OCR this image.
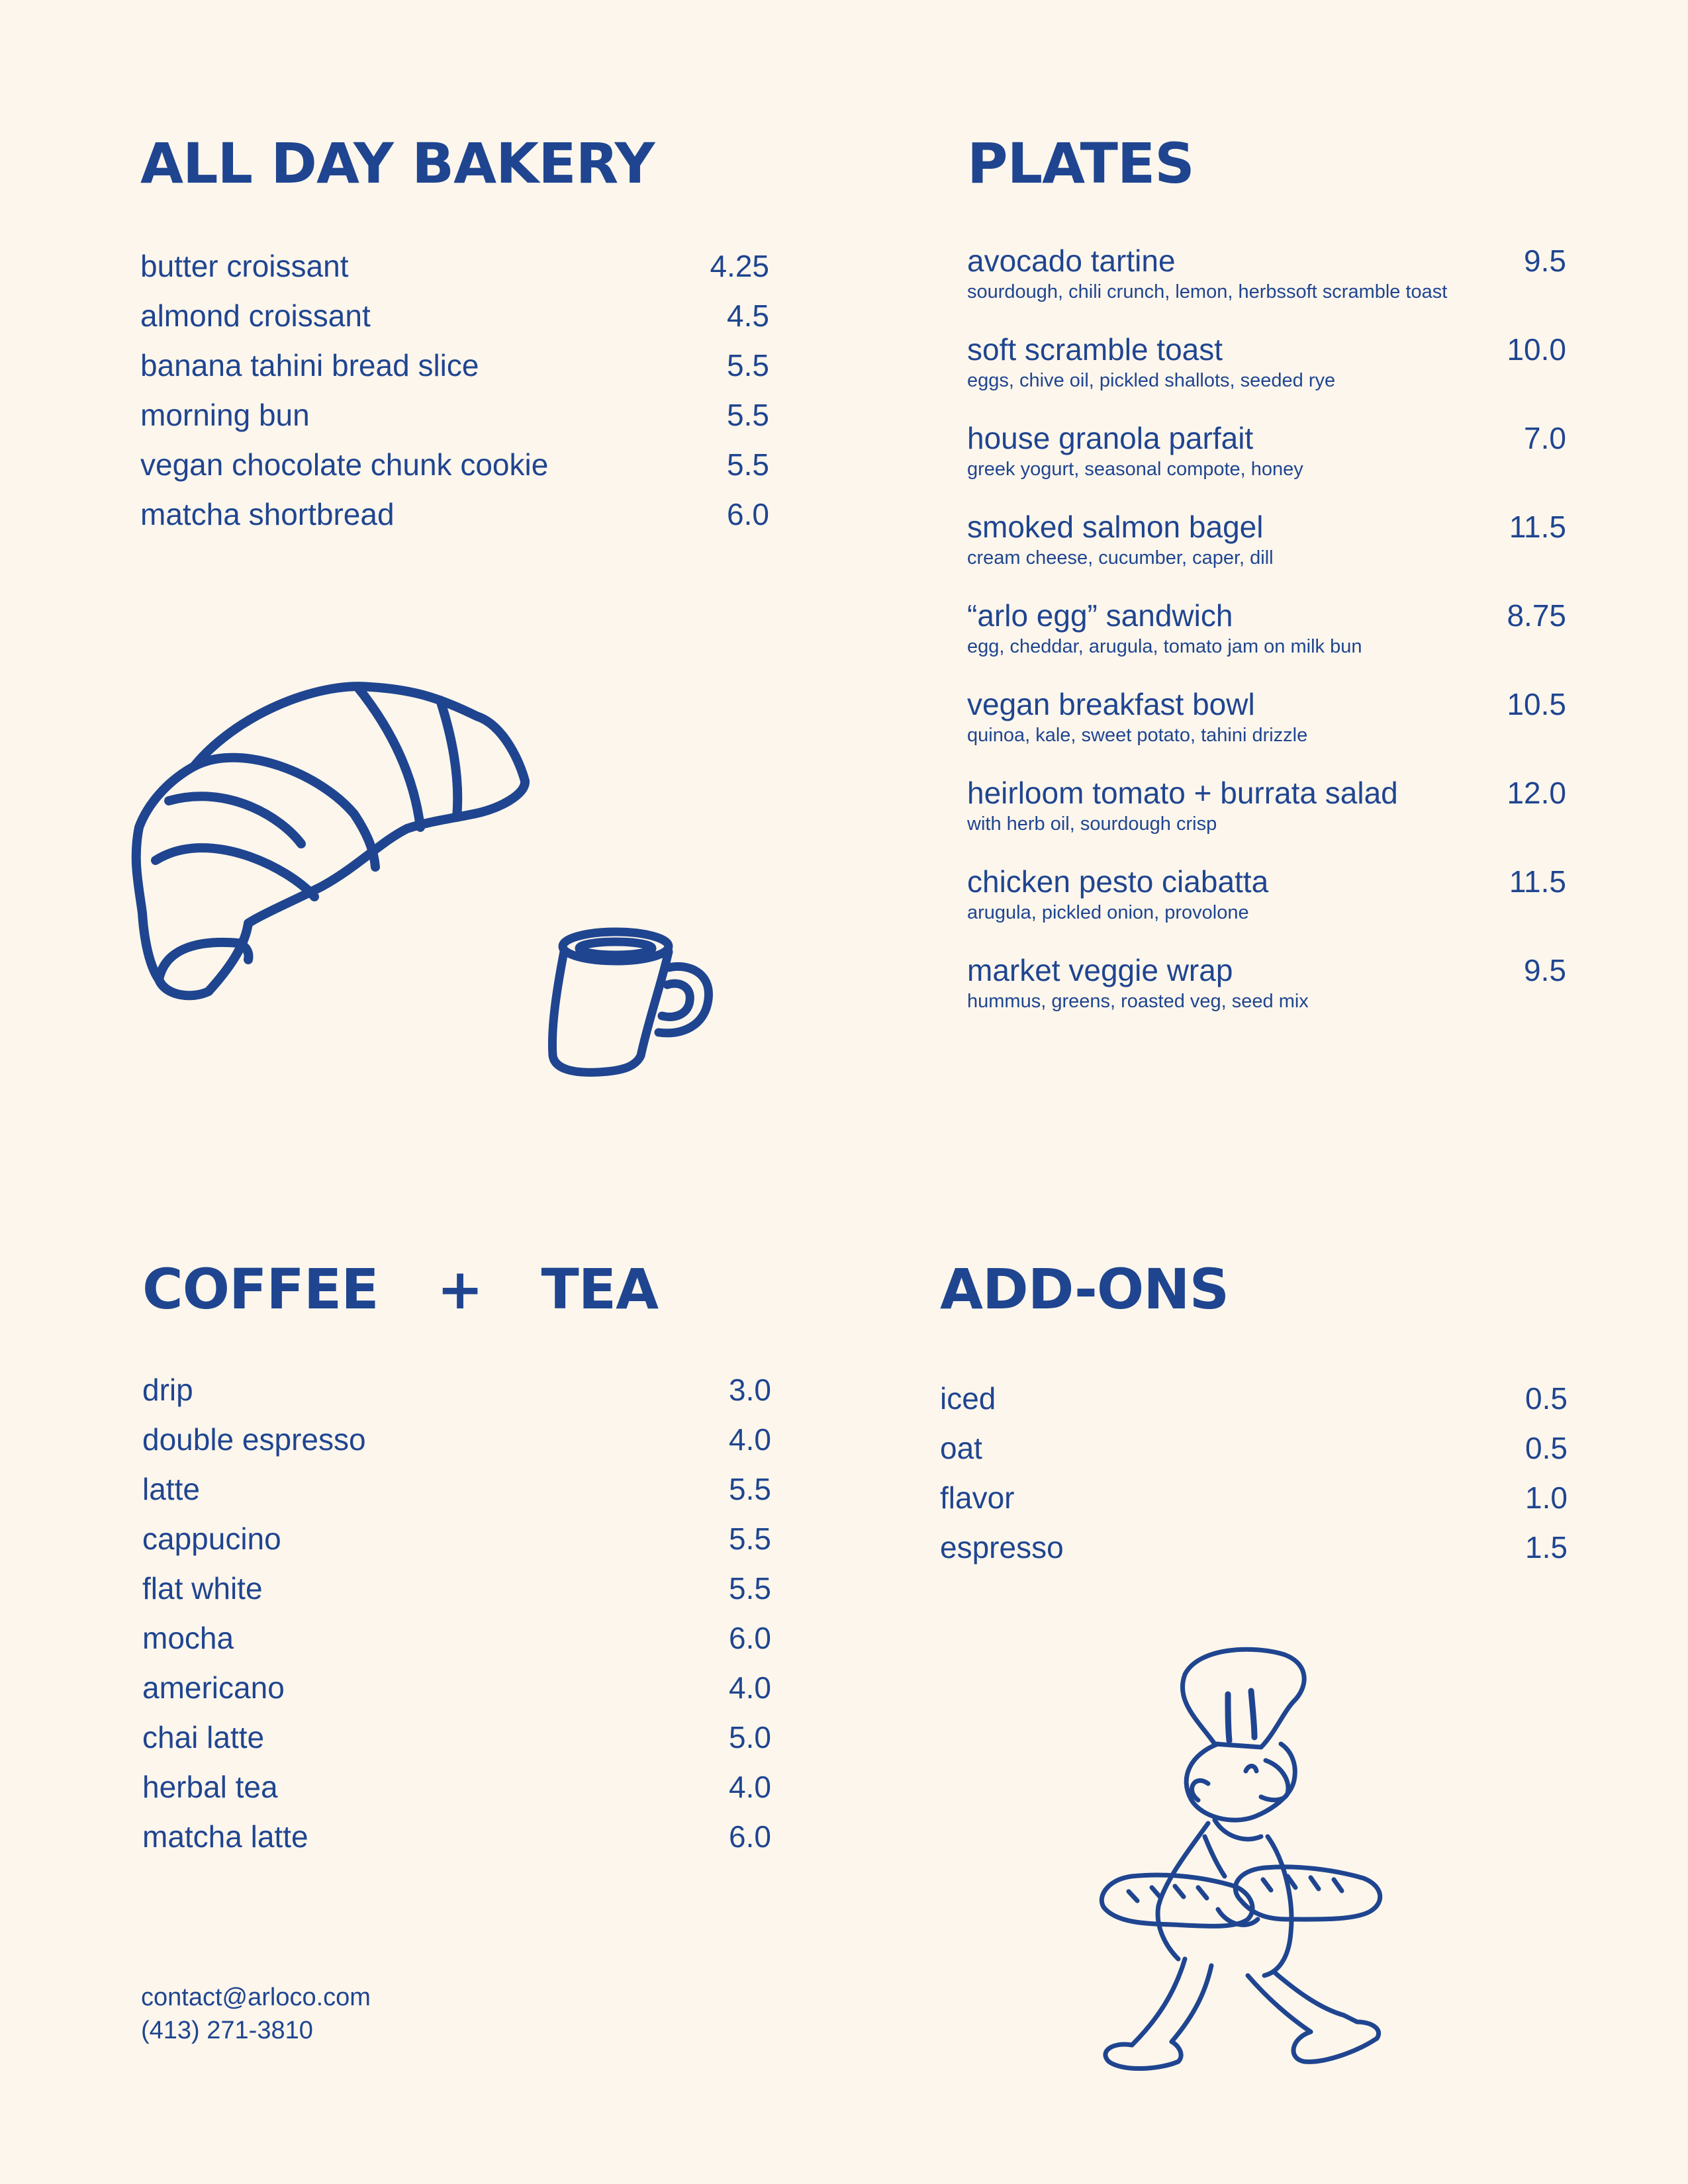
ALL DAY BAKERY
butter croissant	4.25
almond croissant	4.5
banana tahini bread slice	5.5
morning bun	5.5
vegan chocolate chunk cookie	5.5
matcha shortbread	6.0
PLATES
avocado tartine	9.5
sourdough, chili crunch, lemon, herbssoft scramble toast
soft scramble toast	10.0
eggs, chive oil, pickled shallots, seeded rye
house granola parfait	7.0
greek yogurt, seasonal compote, honey
smoked salmon bagel	11.5
cream cheese, cucumber, caper, dill
“arlo egg” sandwich	8.75
egg, cheddar, arugula, tomato jam on milk bun
vegan breakfast bowl	10.5
quinoa, kale, sweet potato, tahini drizzle
heirloom tomato + burrata salad	12.0
with herb oil, sourdough crisp
chicken pesto ciabatta	11.5
arugula, pickled onion, provolone
market veggie wrap	9.5
hummus, greens, roasted veg, seed mix
COFFEE + TEA
drip	3.0
double espresso	4.0
latte	5.5
cappucino	5.5
flat white	5.5
mocha	6.0
americano	4.0
chai latte	5.0
herbal tea	4.0
matcha latte	6.0
ADD-ONS
iced	0.5
oat	0.5
flavor	1.0
espresso	1.5
contact@arloco.com
(413) 271-3810
